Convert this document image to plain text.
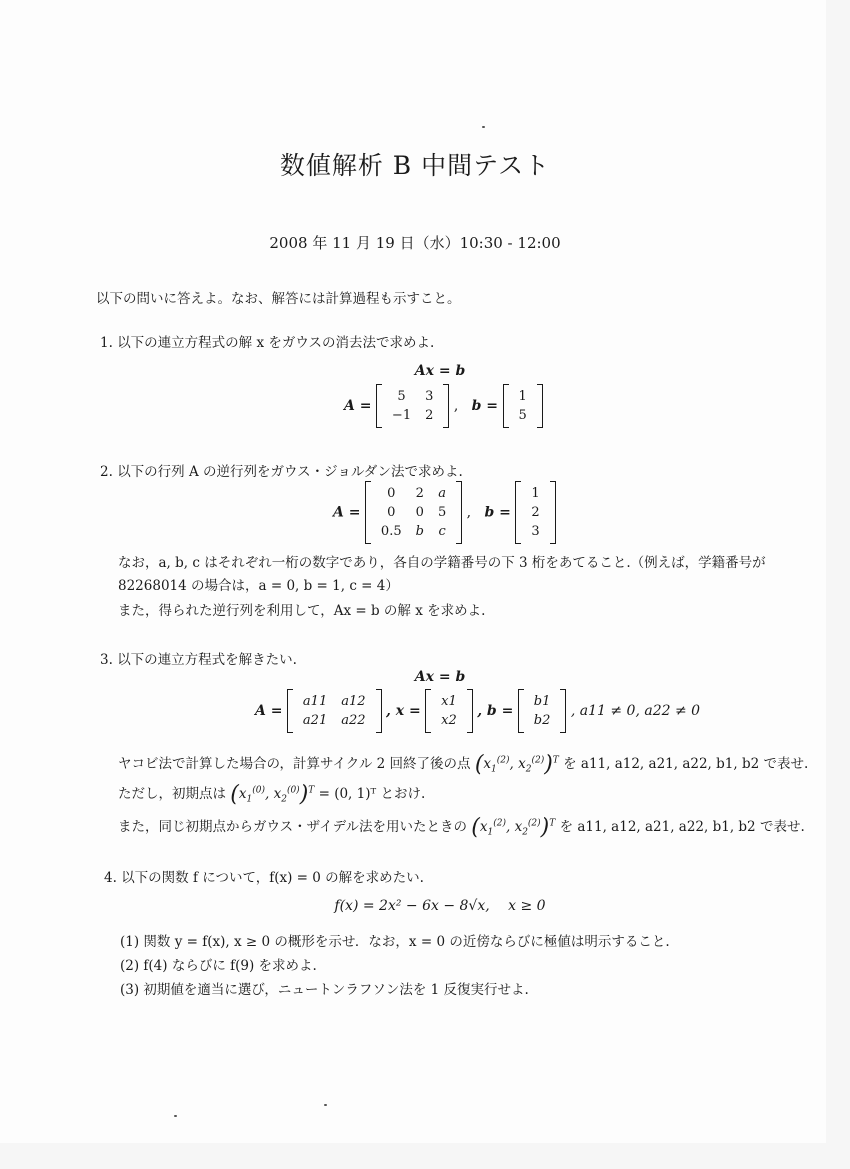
数値解析 B 中間テスト
2008 年 11 月 19 日（水）10:30 - 12:00
以下の問いに答えよ。なお、解答には計算過程も示すこと。
1. 以下の連立方程式の解 x をガウスの消去法で求めよ.
Ax = b
A =
5	3
−1	2
,   b =
1
5
2. 以下の行列 A の逆行列をガウス・ジョルダン法で求めよ.
A =
0	2	a
0	0	5
0.5	b	c
,   b =
1
2
3
なお，a, b, c はそれぞれ一桁の数字であり，各自の学籍番号の下 3 桁をあてること.（例えば，学籍番号が
82268014 の場合は，a = 0, b = 1, c = 4）
また，得られた逆行列を利用して，Ax = b の解 x を求めよ.
3. 以下の連立方程式を解きたい.
Ax = b
A =
a11	a12
a21	a22
, x =
x1
x2
, b =
b1
b2
, a11 ≠ 0, a22 ≠ 0
ヤコビ法で計算した場合の，計算サイクル 2 回終了後の点 ($x_1^{(2)}$, $x_2^{(2)})^T$ を a11, a12, a21, a22, b1, b2 で表せ.
ただし，初期点は ($x_1^{(0)}$, $x_2^{(0)})^T = (0$, 1)ᵀ とおけ.
また，同じ初期点からガウス・ザイデル法を用いたときの ($x_1^{(2)}$, $x_2^{(2)})^T$ を a11, a12, a21, a22, b1, b2 で表せ.
4. 以下の関数 f について，f(x) = 0 の解を求めたい.
f(x) = 2x² − 6x − 8√x,　 x ≥ 0
(1) 関数 y = f(x), x ≥ 0 の概形を示せ．なお，x = 0 の近傍ならびに極値は明示すること.
(2) f(4) ならびに f(9) を求めよ.
(3) 初期値を適当に選び，ニュートンラフソン法を 1 反復実行せよ.
